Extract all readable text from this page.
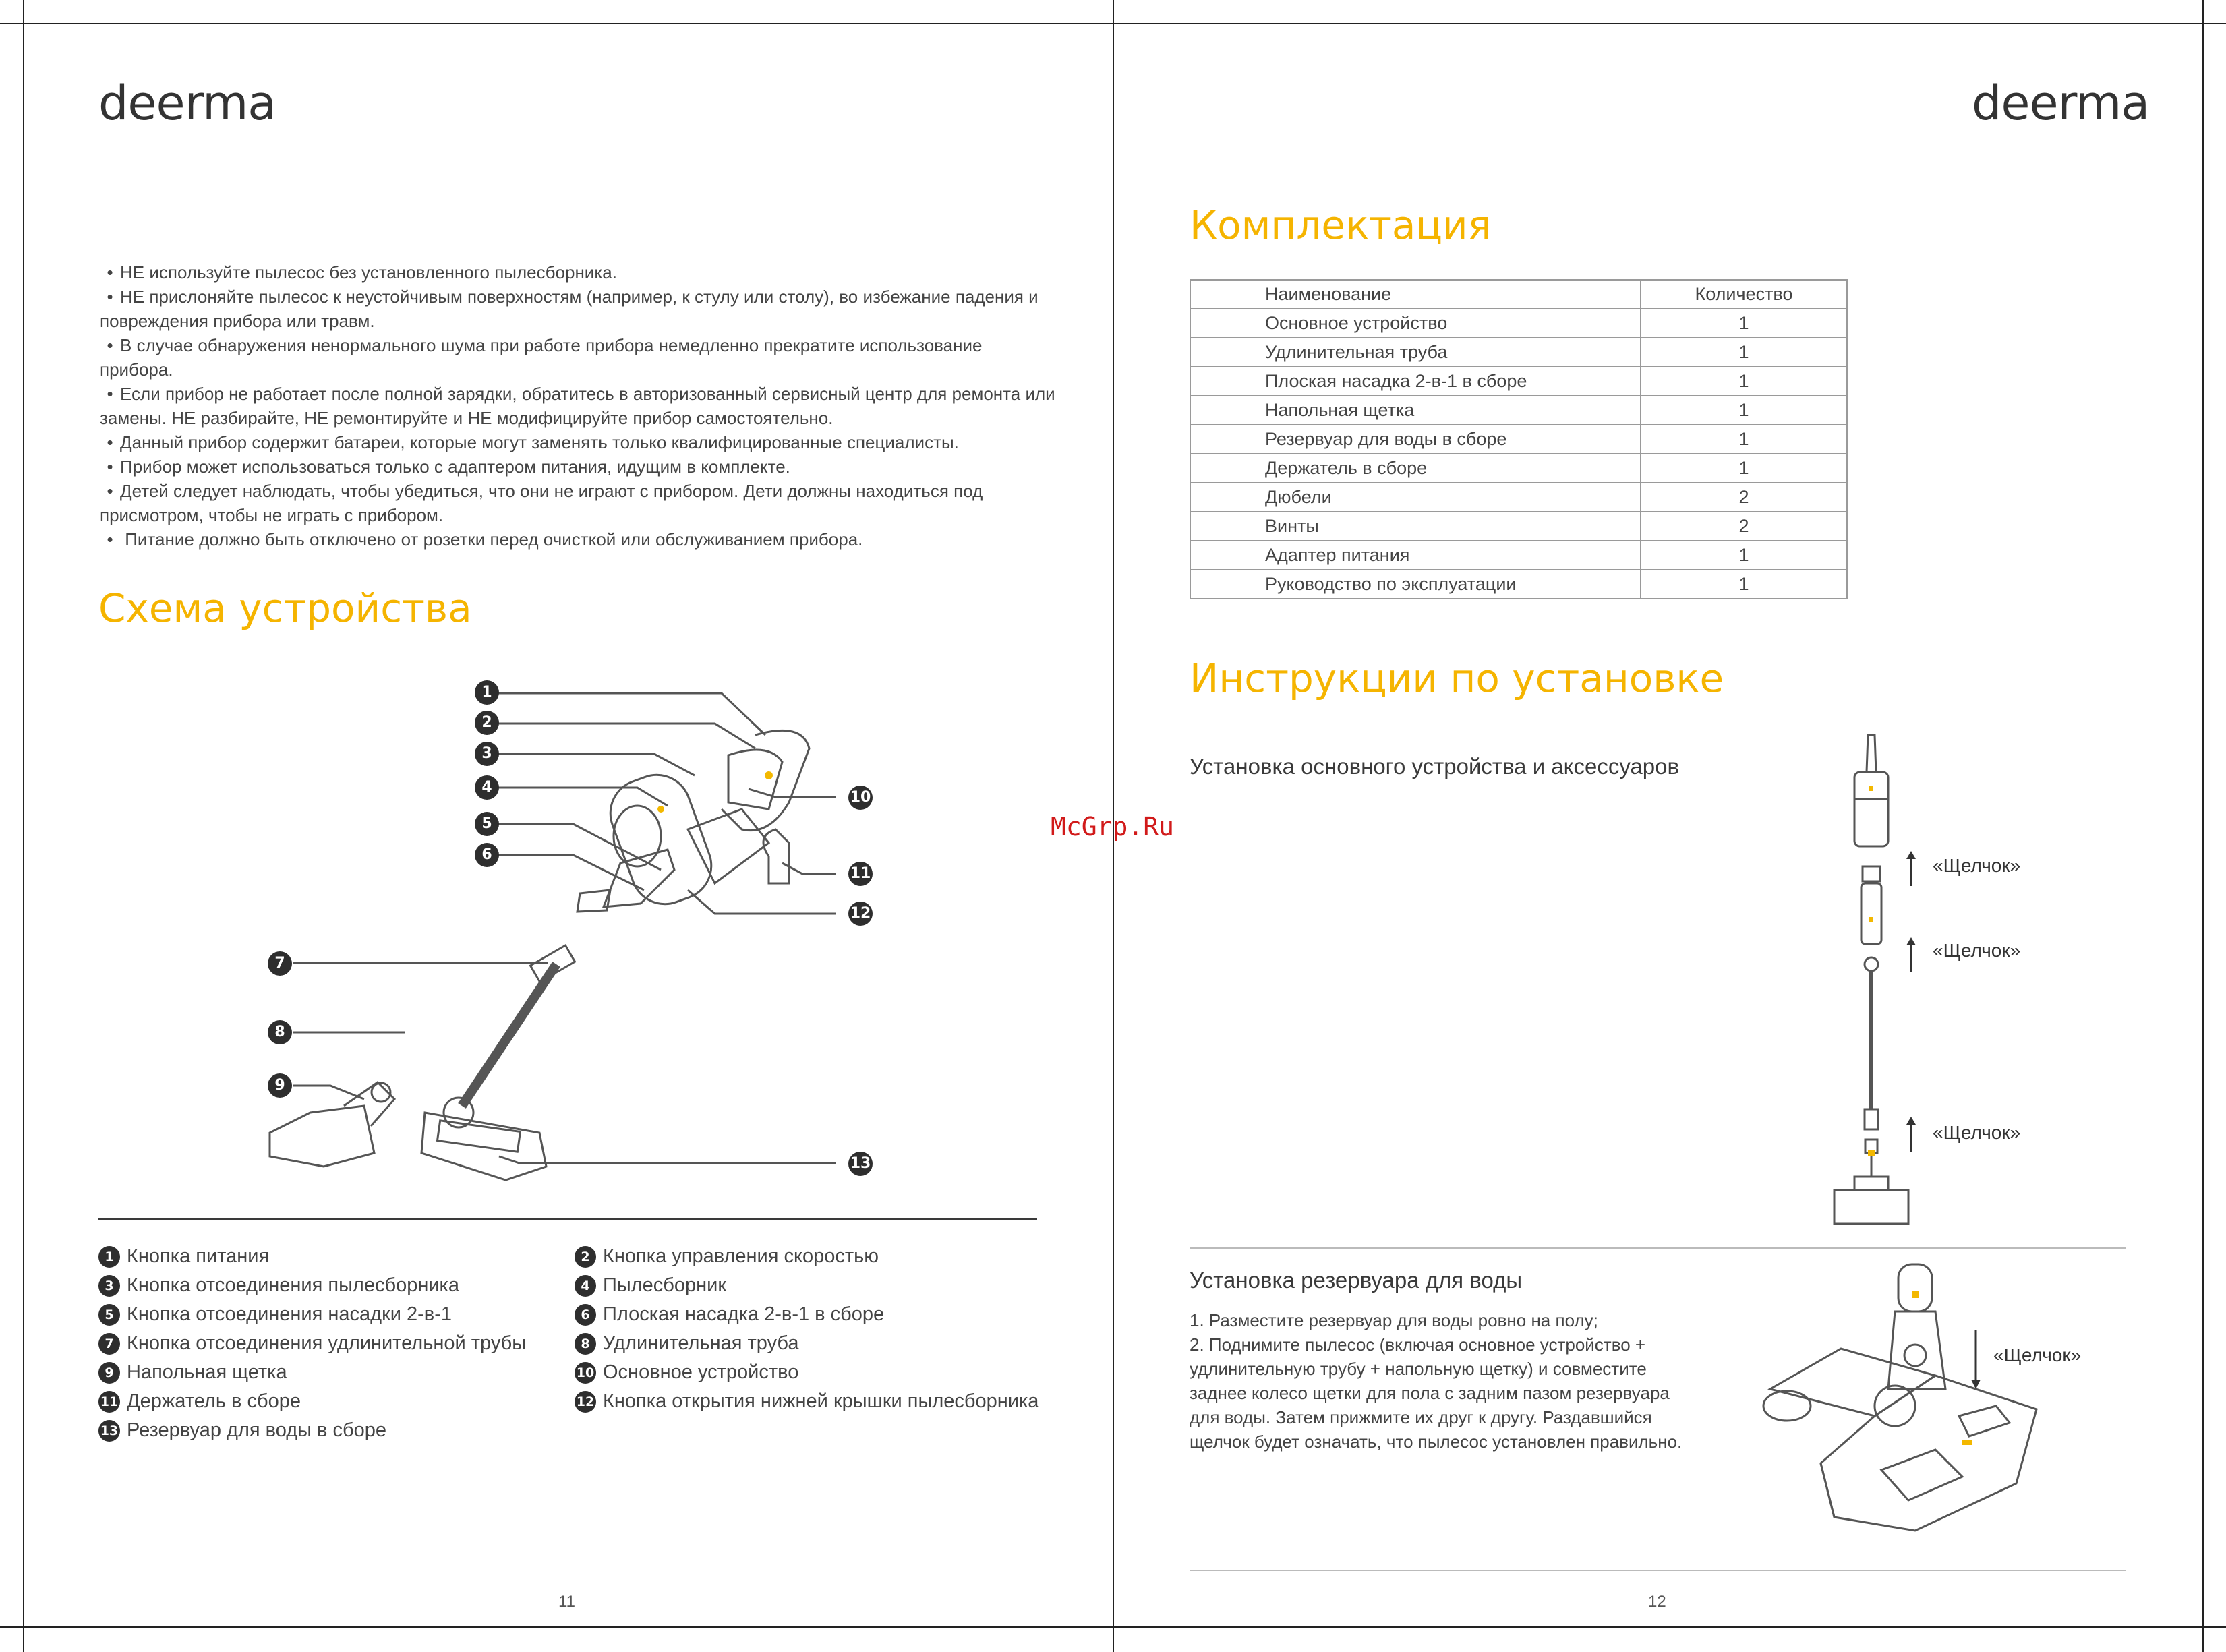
deerma
• НЕ используйте пылесос без установленного пылесборника.
• НЕ прислоняйте пылесос к неустойчивым поверхностям (например, к стулу или столу), во избежание падения и повреждения прибора или травм.
• В случае обнаружения ненормального шума при работе прибора немедленно прекратите использование прибора.
• Если прибор не работает после полной зарядки, обратитесь в авторизованный сервисный центр для ремонта или замены. НЕ разбирайте, НЕ ремонтируйте и НЕ модифицируйте прибор самостоятельно.
• Данный прибор содержит батареи, которые могут заменять только квалифицированные специалисты.
• Прибор может использоваться только с адаптером питания, идущим в комплекте.
• Детей следует наблюдать, чтобы убедиться, что они не играют с прибором. Дети должны находиться под присмотром, чтобы не играть с прибором.
• Питание должно быть отключено от розетки перед очисткой или обслуживанием прибора.
Схема устройства
1
2
3
4
5
6
7
8
9
10
11
12
13
1 Кнопка питания
3 Кнопка отсоединения пылесборника
5 Кнопка отсоединения насадки 2-в-1
7 Кнопка отсоединения удлинительной трубы
9 Напольная щетка
11 Держатель в сборе
13 Резервуар для воды в сборе
2 Кнопка управления скоростью
4 Пылесборник
6 Плоская насадка 2-в-1 в сборе
8 Удлинительная труба
10 Основное устройство
12 Кнопка открытия нижней крышки пылесборника
11
McGrp.Ru
deerma
Комплектация
Наименование	Количество
Основное устройство	1
Удлинительная труба	1
Плоская насадка 2-в-1 в сборе	1
Напольная щетка	1
Резервуар для воды в сборе	1
Держатель в сборе	1
Дюбели	2
Винты	2
Адаптер питания	1
Руководство по эксплуатации	1
Инструкции по установке
Установка основного устройства и аксессуаров
«Щелчок»
«Щелчок»
«Щелчок»
Установка резервуара для воды
1. Разместите резервуар для воды ровно на полу;
2. Поднимите пылесос (включая основное устройство +
удлинительную трубу + напольную щетку) и совместите
заднее колесо щетки для пола с задним пазом резервуара
для воды. Затем прижмите их друг к другу. Раздавшийся
щелчок будет означать, что пылесос установлен правильно.
«Щелчок»
12
